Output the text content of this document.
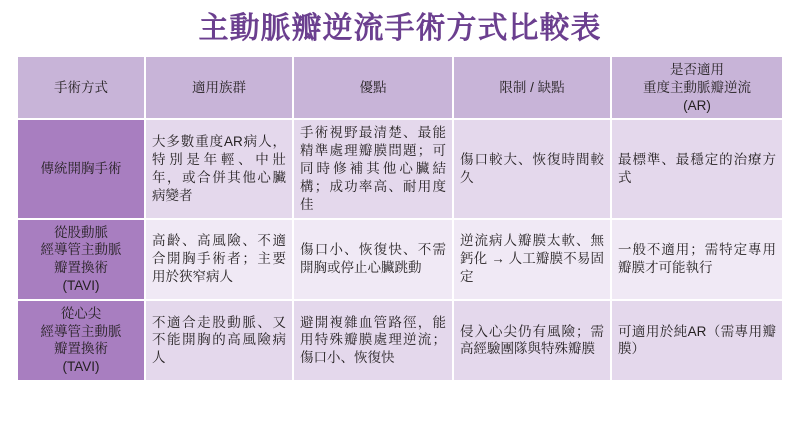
主動脈瓣逆流手術方式比較表
手術方式	適用族群	優點	限制 / 缺點	是否適用
重度主動脈瓣逆流
(AR)

傳統開胸手術	大多數重度AR病人，特別是年輕、中壯年，或合併其他心臟病變者	手術視野最清楚、最能精準處理瓣膜問題；可同時修補其他心臟結構；成功率高、耐用度佳	傷口較大、恢復時間較久	最標準、最穩定的治療方式

從股動脈
經導管主動脈
瓣置換術
(TAVI)	高齡、高風險、不適合開胸手術者；主要用於狹窄病人	傷口小、恢復快、不需開胸或停止心臟跳動	逆流病人瓣膜太軟、無鈣化 → 人工瓣膜不易固定	一般不適用；需特定專用瓣膜才可能執行

從心尖
經導管主動脈
瓣置換術
(TAVI)	不適合走股動脈、又不能開胸的高風險病人	避開複雜血管路徑，能用特殊瓣膜處理逆流；傷口小、恢復快	侵入心尖仍有風險；需高經驗團隊與特殊瓣膜	可適用於純AR（需專用瓣膜）
